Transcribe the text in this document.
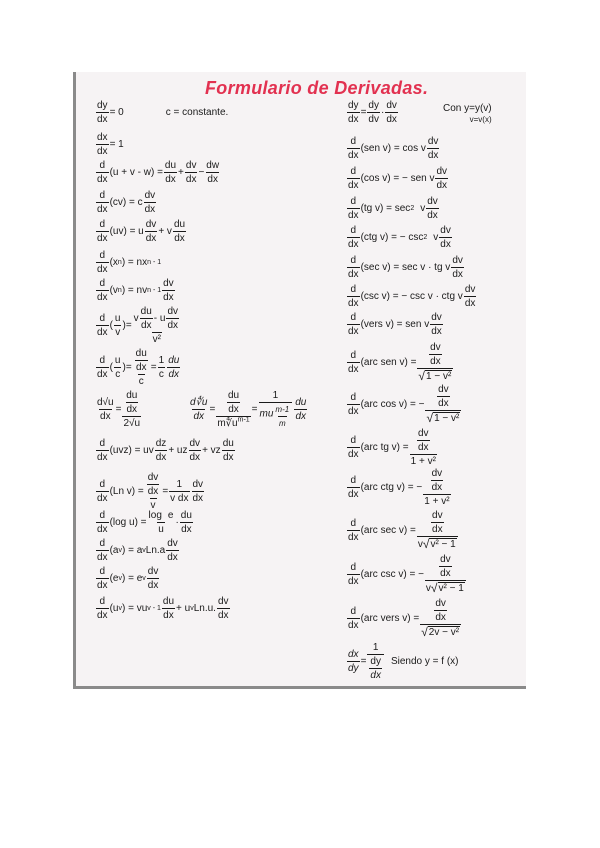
Formulario de Derivadas.
$\frac{dy}{dx} = 0$	c = constante.
$\frac{dx}{dx} = 1$
d
dx
$(u + v - w) = \frac{du}{dx} + \frac{dv}{dx} - \frac{dw}{dx}$
d
dx
(cv) = c
dv
dx
d
dx
(uv) = u
dv
dx
+ v
du
dx
d
dx
(x n ) = nx n - 1
d
dx
(v n ) = nv n - 1
dv
dx
d
dx
( $\frac{u}{v}$ ) =
v
du
dx
- u
dv
dx
v²
d
dx
( $\frac{u}{c}$ ) = $\frac{du}{dx}$
c
= $\frac{1}{c}$ du
dx
$\frac{d√u}{dx} = \frac{du}{dx}$
2√u
$\frac{d∜u}{dx} = \frac{du}{dx}$
$m∜u^{m-1}$
=
1
mu $\frac{m-1}{m}$
du
dx
d
dx
(uvz) = uv
dz
dx
+ uz
dv
dx
+ vz
du
dx
d
dx
(Ln $v) = \frac{dv}{dx}$
v
= $\frac{1}{\text{v dx}}$ dv
dx
d
dx
(log $u) = \frac{\text{log e}}{u}$ ·
du
dx
d
dx
(a v ) = a v Ln.a
dv
dx
d
dx
(e v ) = e v
dv
dx
d
dx
(u v ) = vu v - 1
du
dx
+ u v Ln.u.
dv
dx
$\frac{dy}{dx} = \frac{dy}{dv}$ ·
dv
dx
Con y=y(v)
v=v(x)
d
dx
(sen v) = cos v
dv
dx
d
dx
(cos v) = − sen v
dv
dx
d
dx
(tg v) = sec 2 v
dv
dx
d
dx
(ctg v) = − csc 2 v
dv
dx
d
dx
(sec v) = sec v · tg v
dv
dx
d
dx
(csc v) = − csc v · ctg v
dv
dx
d
dx
(vers v) = sen v
dv
dx
d
dx
(arc sen $v) = \frac{dv}{dx}$
√ 1 − v²
d
dx
(arc cos v) = − $\frac{dv}{dx}$
√ 1 − v²
d
dx
(arc tg $v) = \frac{dv}{dx}$
1 + v²
d
dx
(arc ctg v) = − $\frac{dv}{dx}$
1 + v²
d
dx
(arc $\sec v) = \frac{dv}{dx}$
v √ v² − 1
d
dx
(arc csc v) = − $\frac{dv}{dx}$
v √ v² − 1
d
dx
(arc vers $v) = \frac{dv}{dx}$
√ 2v − v²
$\frac{dx}{dy}$ =
1
$\frac{dy}{dx}$ Siendo y = f (x)
